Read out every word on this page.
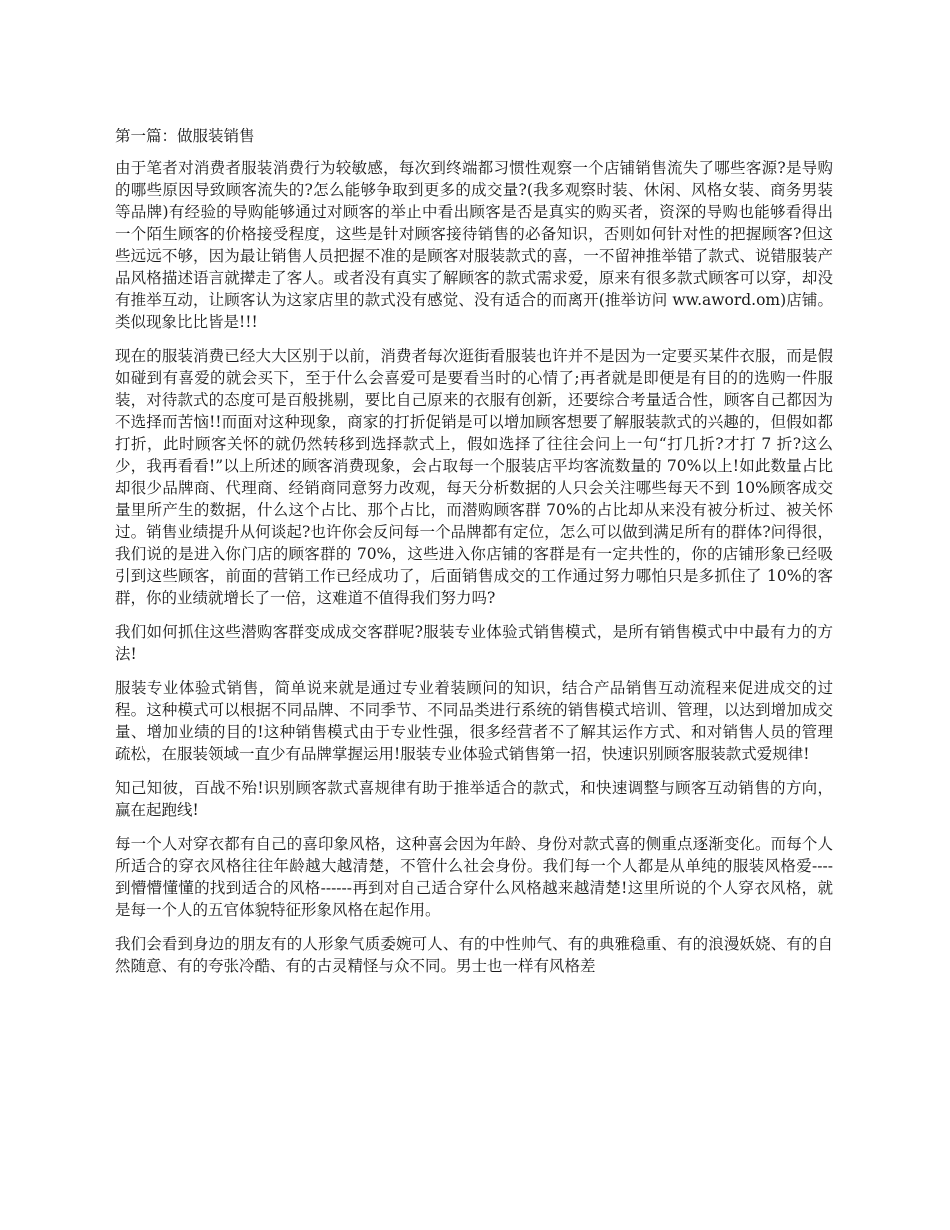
第一篇：做服装销售

由于笔者对消费者服装消费行为较敏感，每次到终端都习惯性观察一个店铺销售流失了哪些客源?是导购的哪些原因导致顾客流失的?怎么能够争取到更多的成交量?(我多观察时装、休闲、风格女装、商务男装等品牌)有经验的导购能够通过对顾客的举止中看出顾客是否是真实的购买者，资深的导购也能够看得出一个陌生顾客的价格接受程度，这些是针对顾客接待销售的必备知识，否则如何针对性的把握顾客?但这些远远不够，因为最让销售人员把握不准的是顾客对服装款式的喜，一不留神推举错了款式、说错服装产品风格描述语言就撵走了客人。或者没有真实了解顾客的款式需求爱，原来有很多款式顾客可以穿，却没有推举互动，让顾客认为这家店里的款式没有感觉、没有适合的而离开(推举访问 ww.aword.om)店铺。类似现象比比皆是!!!

现在的服装消费已经大大区别于以前，消费者每次逛街看服装也许并不是因为一定要买某件衣服，而是假如碰到有喜爱的就会买下，至于什么会喜爱可是要看当时的心情了;再者就是即便是有目的的选购一件服装，对待款式的态度可是百般挑剔，要比自己原来的衣服有创新，还要综合考量适合性，顾客自己都因为不选择而苦恼!!而面对这种现象，商家的打折促销是可以增加顾客想要了解服装款式的兴趣的，但假如都打折，此时顾客关怀的就仍然转移到选择款式上，假如选择了往往会问上一句“打几折?才打 7 折?这么少，我再看看!”以上所述的顾客消费现象，会占取每一个服装店平均客流数量的 70%以上!如此数量占比却很少品牌商、代理商、经销商同意努力改观，每天分析数据的人只会关注哪些每天不到 10%顾客成交量里所产生的数据，什么这个占比、那个占比，而潜购顾客群 70%的占比却从来没有被分析过、被关怀过。销售业绩提升从何谈起?也许你会反问每一个品牌都有定位，怎么可以做到满足所有的群体?问得很，我们说的是进入你门店的顾客群的 70%，这些进入你店铺的客群是有一定共性的，你的店铺形象已经吸引到这些顾客，前面的营销工作已经成功了，后面销售成交的工作通过努力哪怕只是多抓住了 10%的客群，你的业绩就增长了一倍，这难道不值得我们努力吗?

我们如何抓住这些潜购客群变成成交客群呢?服装专业体验式销售模式，是所有销售模式中中最有力的方法!

服装专业体验式销售，简单说来就是通过专业着装顾问的知识，结合产品销售互动流程来促进成交的过程。这种模式可以根据不同品牌、不同季节、不同品类进行系统的销售模式培训、管理，以达到增加成交量、增加业绩的目的!这种销售模式由于专业性强，很多经营者不了解其运作方式、和对销售人员的管理疏松，在服装领域一直少有品牌掌握运用!服装专业体验式销售第一招，快速识别顾客服装款式爱规律!

知己知彼，百战不殆!识别顾客款式喜规律有助于推举适合的款式，和快速调整与顾客互动销售的方向，赢在起跑线!

每一个人对穿衣都有自己的喜印象风格，这种喜会因为年龄、身份对款式喜的侧重点逐渐变化。而每个人所适合的穿衣风格往往年龄越大越清楚，不管什么社会身份。我们每一个人都是从单纯的服装风格爱----到懵懵懂懂的找到适合的风格------再到对自己适合穿什么风格越来越清楚!这里所说的个人穿衣风格，就是每一个人的五官体貌特征形象风格在起作用。

我们会看到身边的朋友有的人形象气质委婉可人、有的中性帅气、有的典雅稳重、有的浪漫妖娆、有的自然随意、有的夸张冷酷、有的古灵精怪与众不同。男士也一样有风格差
